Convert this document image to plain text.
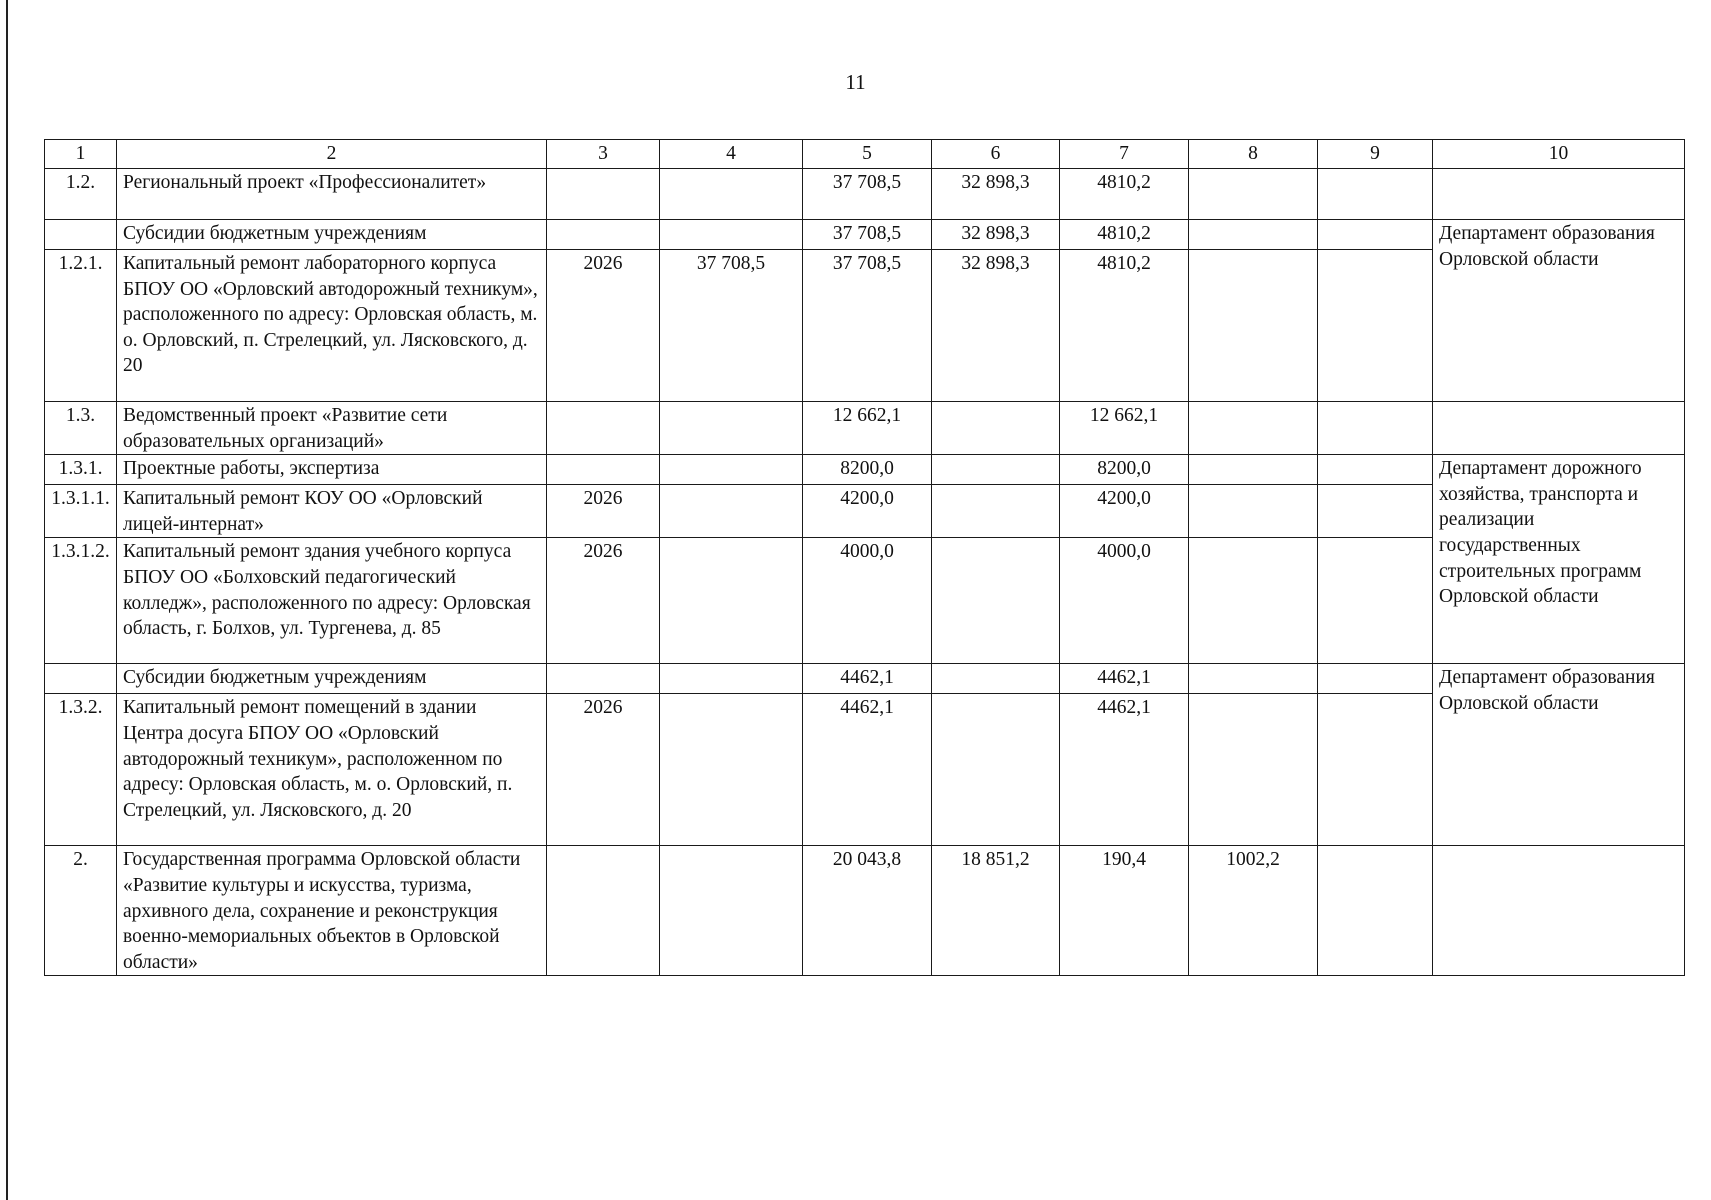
11
1	2	3	4	5	6	7	8	9	10
1.2.	Региональный проект «Профессионалитет»			37 708,5	32 898,3	4810,2			
	Субсидии бюджетным учреждениям			37 708,5	32 898,3	4810,2			Департамент образования Орловской области
1.2.1.	Капитальный ремонт лабораторного корпуса БПОУ ОО «Орловский автодорожный техникум», расположенного по адресу: Орловская область, м. о. Орловский, п. Стрелецкий, ул. Лясковского, д. 20	2026	37 708,5	37 708,5	32 898,3	4810,2			
1.3.	Ведомственный проект «Развитие сети образовательных организаций»			12 662,1		12 662,1			
1.3.1.	Проектные работы, экспертиза			8200,0		8200,0			Департамент дорожного хозяйства, транспорта и реализации государственных строительных программ Орловской области
1.3.1.1.	Капитальный ремонт КОУ ОО «Орловский лицей-интернат»	2026		4200,0		4200,0			
1.3.1.2.	Капитальный ремонт здания учебного корпуса БПОУ ОО «Болховский педагогический колледж», расположенного по адресу: Орловская область, г. Болхов, ул. Тургенева, д. 85	2026		4000,0		4000,0			
	Субсидии бюджетным учреждениям			4462,1		4462,1			Департамент образования Орловской области
1.3.2.	Капитальный ремонт помещений в здании Центра досуга БПОУ ОО «Орловский автодорожный техникум», расположенном по адресу: Орловская область, м. о. Орловский, п. Стрелецкий, ул. Лясковского, д. 20	2026		4462,1		4462,1			
2.	Государственная программа Орловской области «Развитие культуры и искусства, туризма, архивного дела, сохранение и реконструкция военно-мемориальных объектов в Орловской области»			20 043,8	18 851,2	190,4	1002,2		
